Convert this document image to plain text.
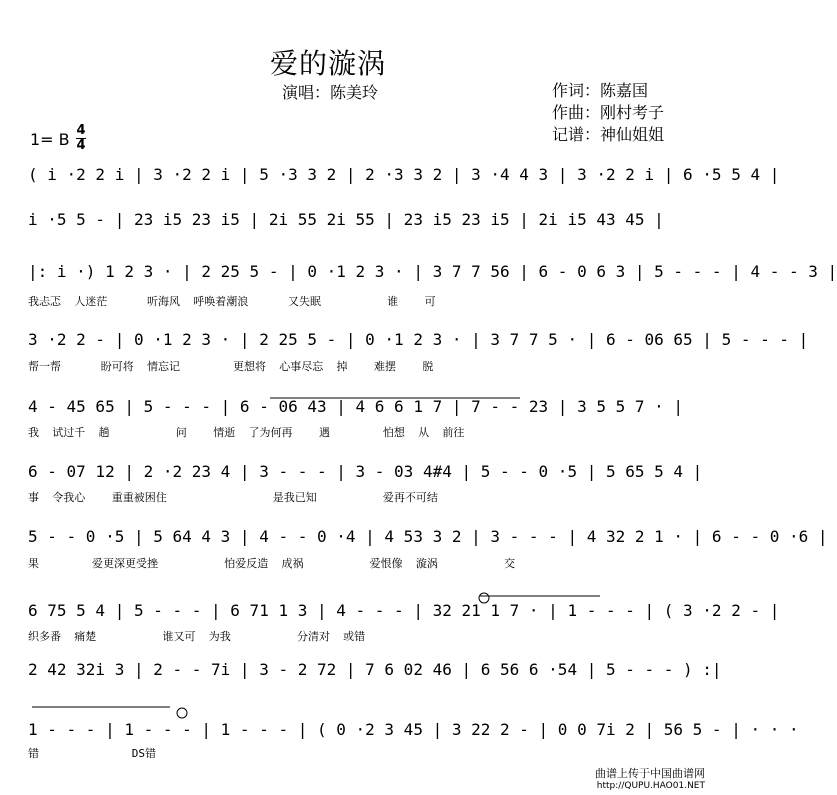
爱的漩涡
演唱：陈美玲	作词：陈嘉国
作曲：刚村考子
记谱：神仙姐姐
1= B 4
4
( i ·2 2 i | 3 ·2 2 i | 5 ·3 3 2 | 2 ·3 3 2 | 3 ·4 4 3 | 3 ·2 2 i | 6 ·5 5 4 |
i ·5 5 - | 23 i5 23 i5 | 2i 55 2i 55 | 23 i5 23 i5 | 2i i5 43 45 |
|: i ·) 1 2 3 · | 2 25 5 - | 0 ·1 2 3 · | 3 7 7 56 | 6 - 0 6 3 | 5 - - - | 4 - - 3 |
我忐忑  人迷茫      听海风  呼唤着潮浪      又失眠          谁    可
3 ·2 2 - | 0 ·1 2 3 · | 2 25 5 - | 0 ·1 2 3 · | 3 7 7 5 · | 6 - 06 65 | 5 - - - |
帮一帮      盼可将  情忘记        更想将  心事尽忘  掉    难摆    脱
4 - 45 65 | 5 - - - | 6 - 06 43 | 4 6 6 1 7 | 7 - - 23 | 3 5 5 7 · |
我  试过千  趟          问    情逝  了为何再    遇        怕想  从  前往
6 - 07 12 | 2 ·2 23 4 | 3 - - - | 3 - 03 4#4 | 5 - - 0 ·5 | 5 65 5 4 |
事  令我心    重重被困住                是我已知          爱再不可结
5 - - 0 ·5 | 5 64 4 3 | 4 - - 0 ·4 | 4 53 3 2 | 3 - - - | 4 32 2 1 · | 6 - - 0 ·6 |
果        爱更深更受挫          怕爱反造  成祸          爱恨像  漩涡          交
6 75 5 4 | 5 - - - | 6 71 1 3 | 4 - - - | 32 21 1 7 · | 1 - - - | ( 3 ·2 2 - |
织多番  痛楚          谁又可  为我          分清对  或错
2 42 32i 3 | 2 - - 7i | 3 - 2 72 | 7 6 02 46 | 6 56 6 ·54 | 5 - - - ) :|
1 - - - | 1 - - - | 1 - - - | ( 0 ·2 3 45 | 3 22 2 - | 0 0 7i 2 | 56 5 - | · · ·
错              DS错
曲谱上传于中国曲谱网
http://QUPU.HAO01.NET
